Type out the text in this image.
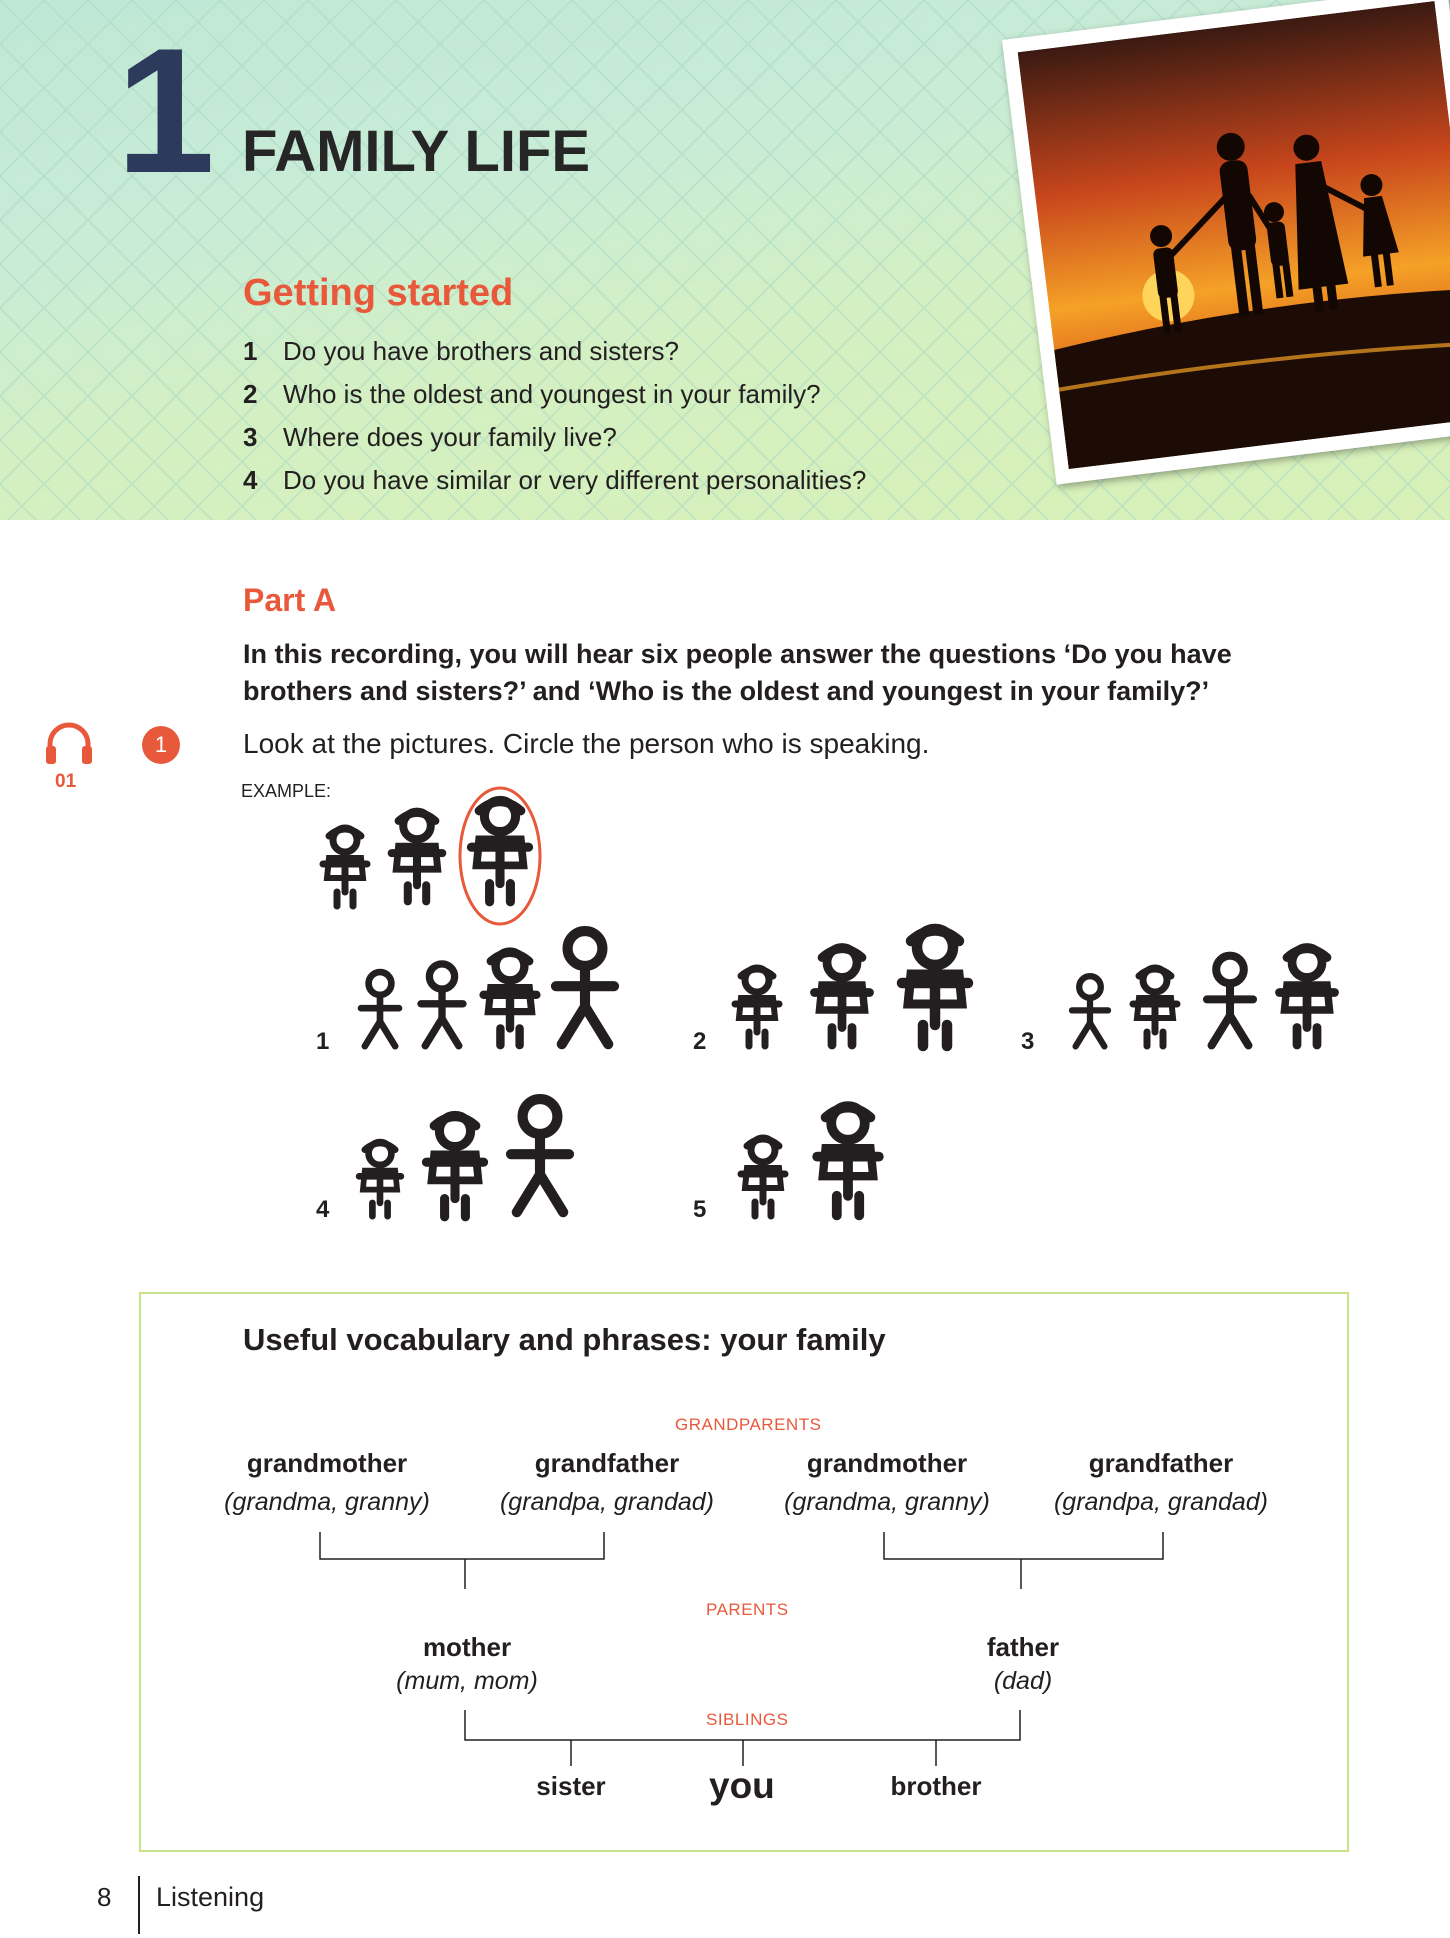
1 FAMILY LIFE
Getting started
1 Do you have brothers and sisters?
2 Who is the oldest and youngest in your family?
3 Where does your family live?
4 Do you have similar or very different personalities?
Part A
In this recording, you will hear six people answer the questions ‘Do you have
brothers and sisters?’ and ‘Who is the oldest and youngest in your family?’
01
1	Look at the pictures. Circle the person who is speaking.
EXAMPLE:
1	2	3
4	5
Useful vocabulary and phrases: your family
GRANDPARENTS
grandmother
(grandma, granny)
grandfather
(grandpa, grandad)
grandmother
(grandma, granny)
grandfather
(grandpa, grandad)
PARENTS
mother
(mum, mom)
father
(dad)
SIBLINGS
sister	you	brother
8 Listening
